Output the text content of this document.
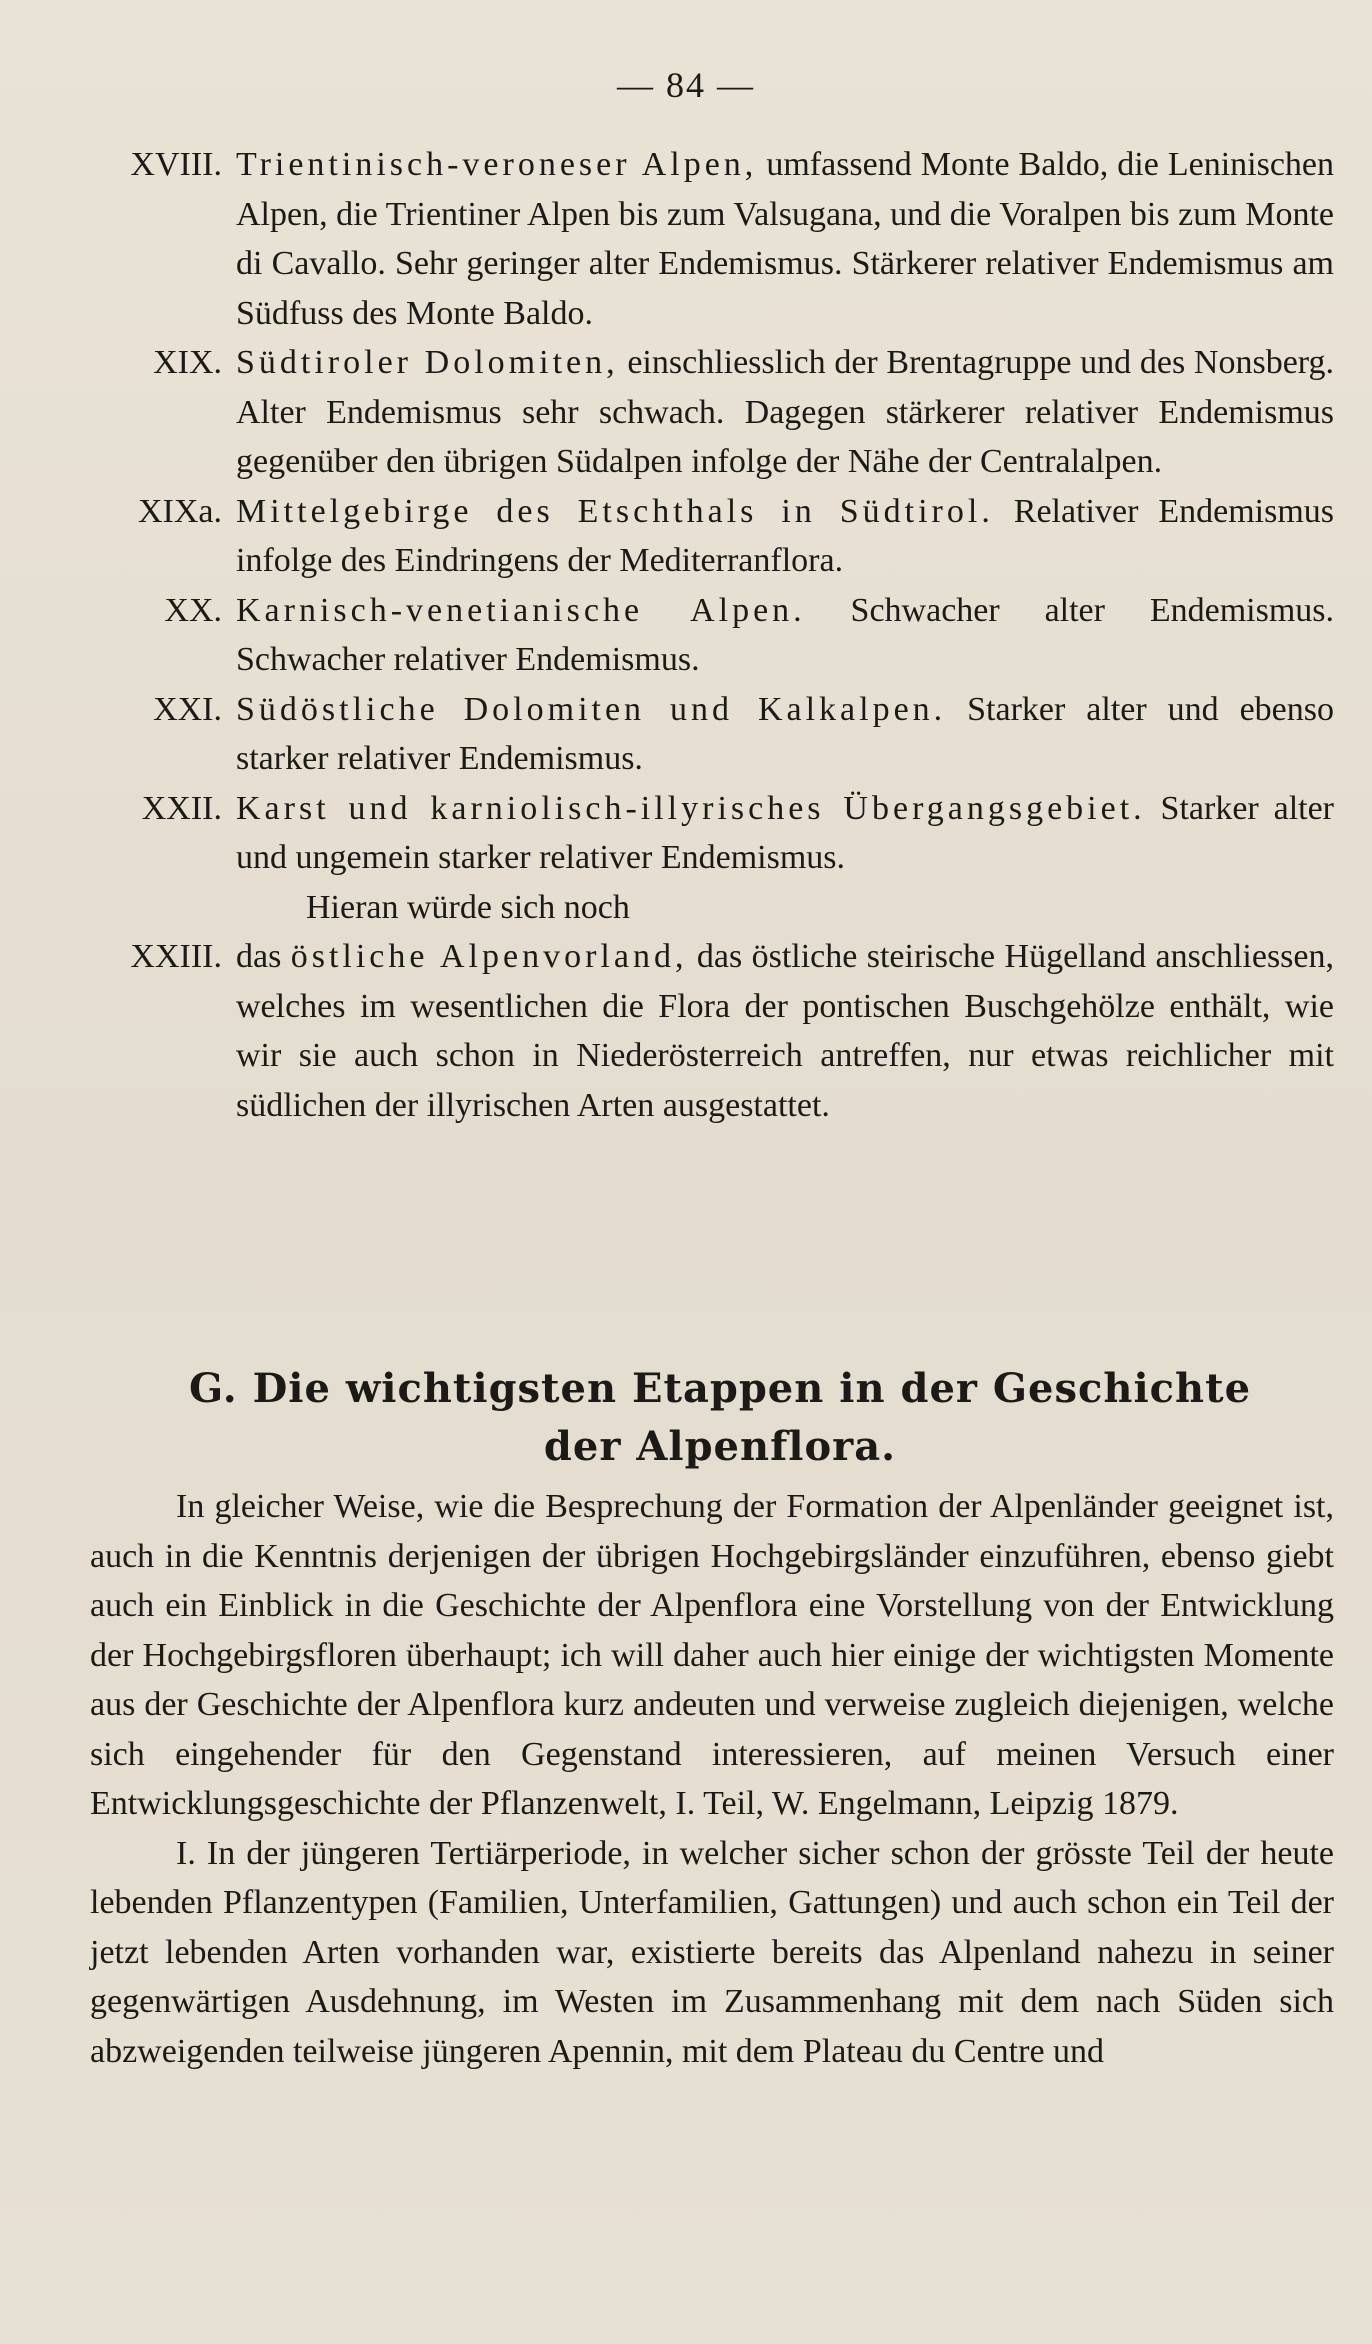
— 84 —
XVIII. Trientinisch-veroneser Alpen, umfassend Monte Baldo, die Leninischen Alpen, die Trientiner Alpen bis zum Valsugana, und die Voralpen bis zum Monte di Cavallo. Sehr geringer alter Endemismus. Stärkerer relativer Endemismus am Südfuss des Monte Baldo.
XIX. Südtiroler Dolomiten, einschliesslich der Brentagruppe und des Nonsberg. Alter Endemismus sehr schwach. Dagegen stärkerer relativer Endemismus gegenüber den übrigen Südalpen infolge der Nähe der Centralalpen.
XIXa. Mittelgebirge des Etschthals in Südtirol. Relativer Endemismus infolge des Eindringens der Mediterranflora.
XX. Karnisch-venetianische Alpen. Schwacher alter Endemismus. Schwacher relativer Endemismus.
XXI. Südöstliche Dolomiten und Kalkalpen. Starker alter und ebenso starker relativer Endemismus.
XXII. Karst und karniolisch-illyrisches Übergangsgebiet. Starker alter und ungemein starker relativer Endemismus.
Hieran würde sich noch
XXIII. das östliche Alpenvorland, das östliche steirische Hügelland anschliessen, welches im wesentlichen die Flora der pontischen Buschgehölze enthält, wie wir sie auch schon in Niederösterreich antreffen, nur etwas reichlicher mit südlichen der illyrischen Arten ausgestattet.
G. Die wichtigsten Etappen in der Geschichte
der Alpenflora.

In gleicher Weise, wie die Besprechung der Formation der Alpenländer geeignet ist, auch in die Kenntnis derjenigen der übrigen Hochgebirgsländer einzuführen, ebenso giebt auch ein Einblick in die Geschichte der Alpenflora eine Vorstellung von der Entwicklung der Hochgebirgsfloren überhaupt; ich will daher auch hier einige der wichtigsten Momente aus der Geschichte der Alpenflora kurz andeuten und verweise zugleich diejenigen, welche sich eingehender für den Gegenstand interessieren, auf meinen Versuch einer Entwicklungsgeschichte der Pflanzenwelt, I. Teil, W. Engelmann, Leipzig 1879.

I. In der jüngeren Tertiärperiode, in welcher sicher schon der grösste Teil der heute lebenden Pflanzentypen (Familien, Unterfamilien, Gattungen) und auch schon ein Teil der jetzt lebenden Arten vorhanden war, existierte bereits das Alpenland nahezu in seiner gegenwärtigen Ausdehnung, im Westen im Zusammenhang mit dem nach Süden sich abzweigenden teilweise jüngeren Apennin, mit dem Plateau du Centre und
